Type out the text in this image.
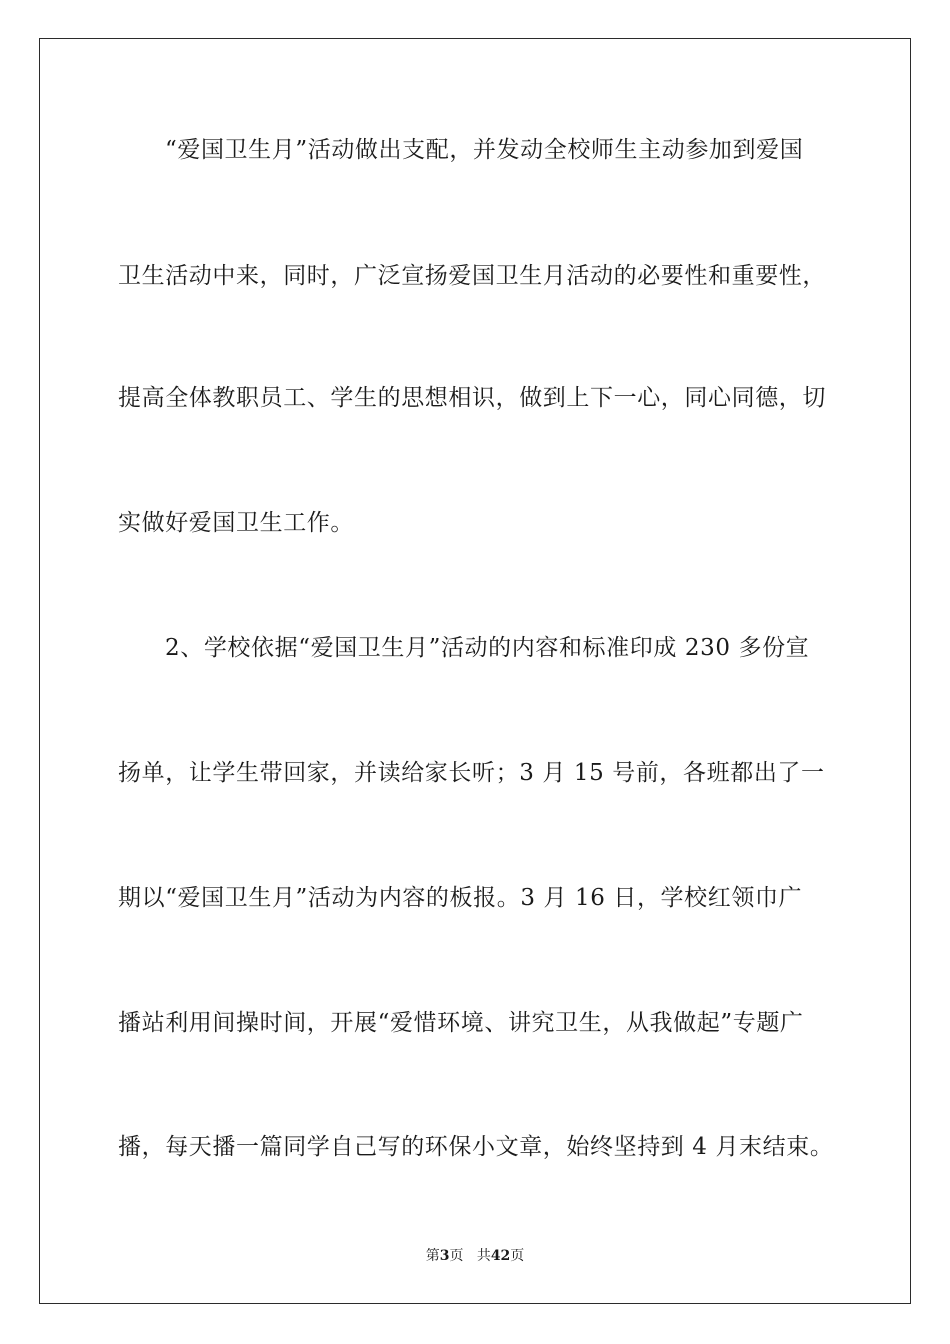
“爱国卫生月”活动做出支配，并发动全校师生主动参加到爱国
卫生活动中来，同时，广泛宣扬爱国卫生月活动的必要性和重要性，
提高全体教职员工、学生的思想相识，做到上下一心，同心同德，切
实做好爱国卫生工作。
2、学校依据“爱国卫生月”活动的内容和标准印成 230 多份宣
扬单，让学生带回家，并读给家长听；3 月 15 号前，各班都出了一
期以“爱国卫生月”活动为内容的板报。3 月 16 日，学校红领巾广
播站利用间操时间，开展“爱惜环境、讲究卫生，从我做起”专题广
播，每天播一篇同学自己写的环保小文章，始终坚持到 4 月末结束。
第3页 共42页
